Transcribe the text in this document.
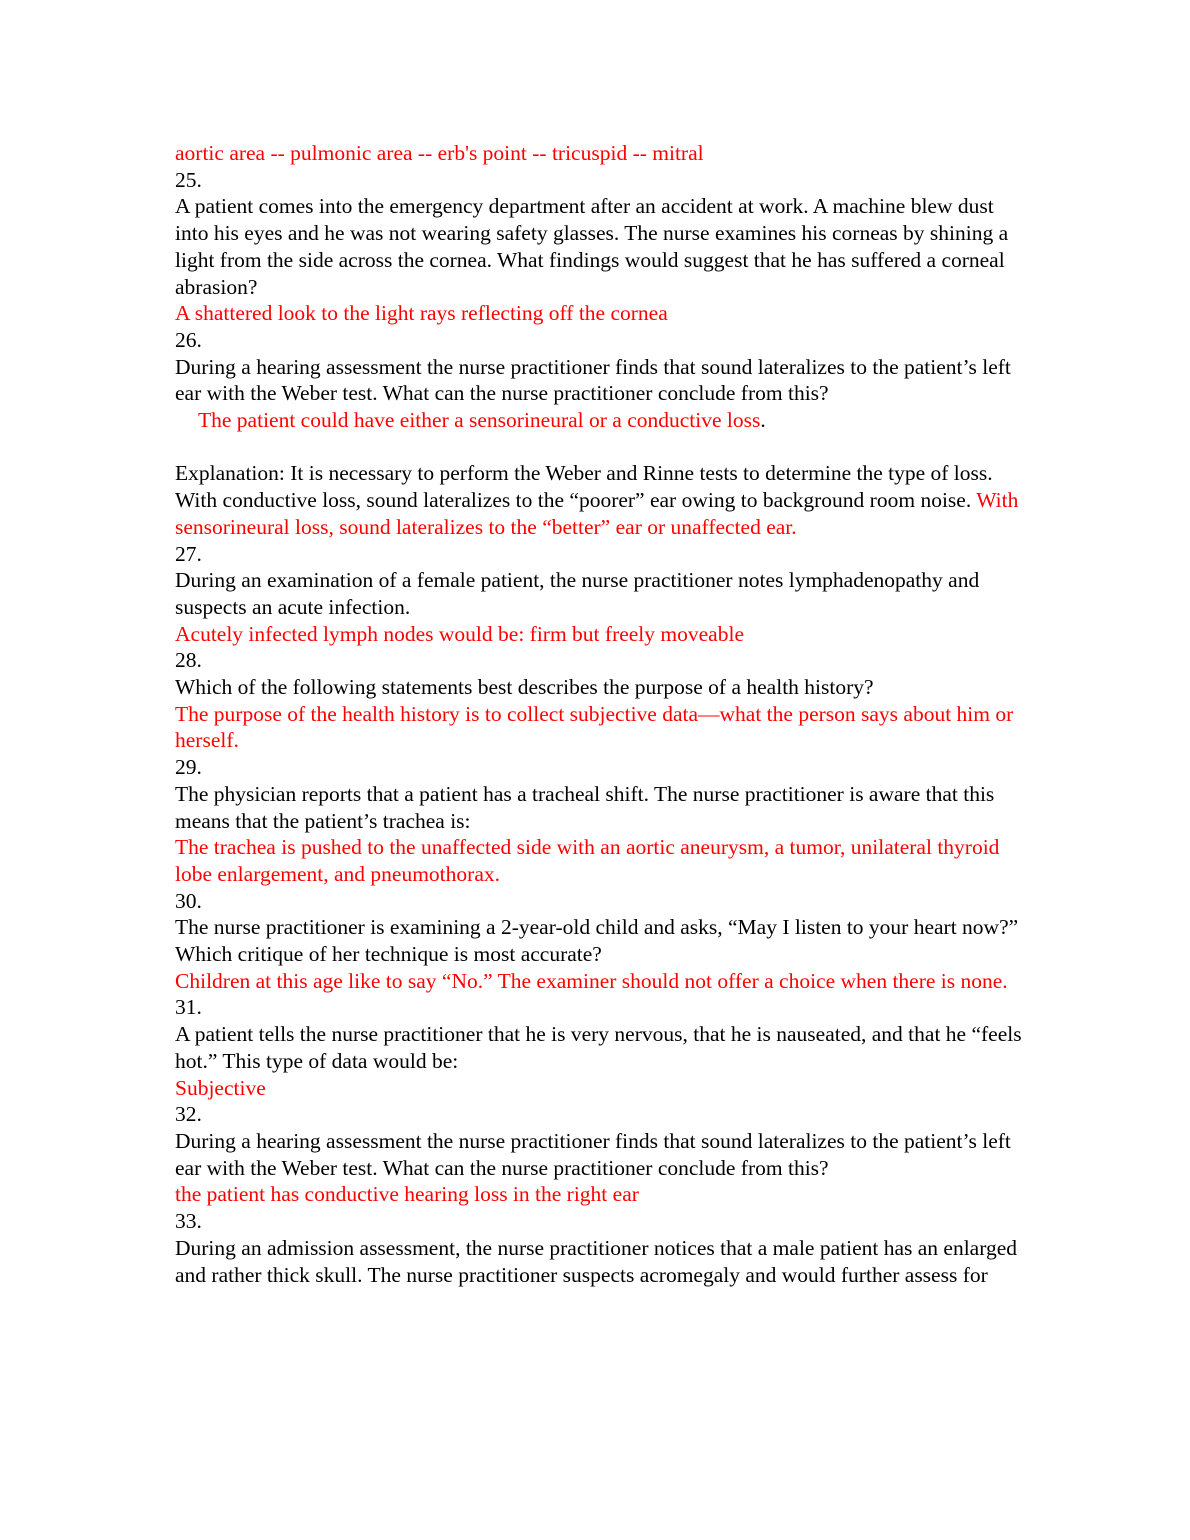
aortic area -- pulmonic area -- erb's point -- tricuspid -- mitral

25.

A patient comes into the emergency department after an accident at work. A machine blew dust into his eyes and he was not wearing safety glasses. The nurse examines his corneas by shining a light from the side across the cornea. What findings would suggest that he has suffered a corneal abrasion?

A shattered look to the light rays reflecting off the cornea

26.

During a hearing assessment the nurse practitioner finds that sound lateralizes to the patient’s left ear with the Weber test. What can the nurse practitioner conclude from this?

The patient could have either a sensorineural or a conductive loss.

Explanation: It is necessary to perform the Weber and Rinne tests to determine the type of loss. With conductive loss, sound lateralizes to the “poorer” ear owing to background room noise. With sensorineural loss, sound lateralizes to the “better” ear or unaffected ear.

27.

During an examination of a female patient, the nurse practitioner notes lymphadenopathy and suspects an acute infection.

Acutely infected lymph nodes would be: firm but freely moveable

28.

Which of the following statements best describes the purpose of a health history?

The purpose of the health history is to collect subjective data—what the person says about him or herself.

29.

The physician reports that a patient has a tracheal shift. The nurse practitioner is aware that this means that the patient’s trachea is:

The trachea is pushed to the unaffected side with an aortic aneurysm, a tumor, unilateral thyroid lobe enlargement, and pneumothorax.

30.

The nurse practitioner is examining a 2-year-old child and asks, “May I listen to your heart now?” Which critique of her technique is most accurate?

Children at this age like to say “No.” The examiner should not offer a choice when there is none.

31.

A patient tells the nurse practitioner that he is very nervous, that he is nauseated, and that he “feels hot.” This type of data would be:

Subjective

32.

During a hearing assessment the nurse practitioner finds that sound lateralizes to the patient’s left ear with the Weber test. What can the nurse practitioner conclude from this?

the patient has conductive hearing loss in the right ear

33.

During an admission assessment, the nurse practitioner notices that a male patient has an enlarged and rather thick skull. The nurse practitioner suspects acromegaly and would further assess for
